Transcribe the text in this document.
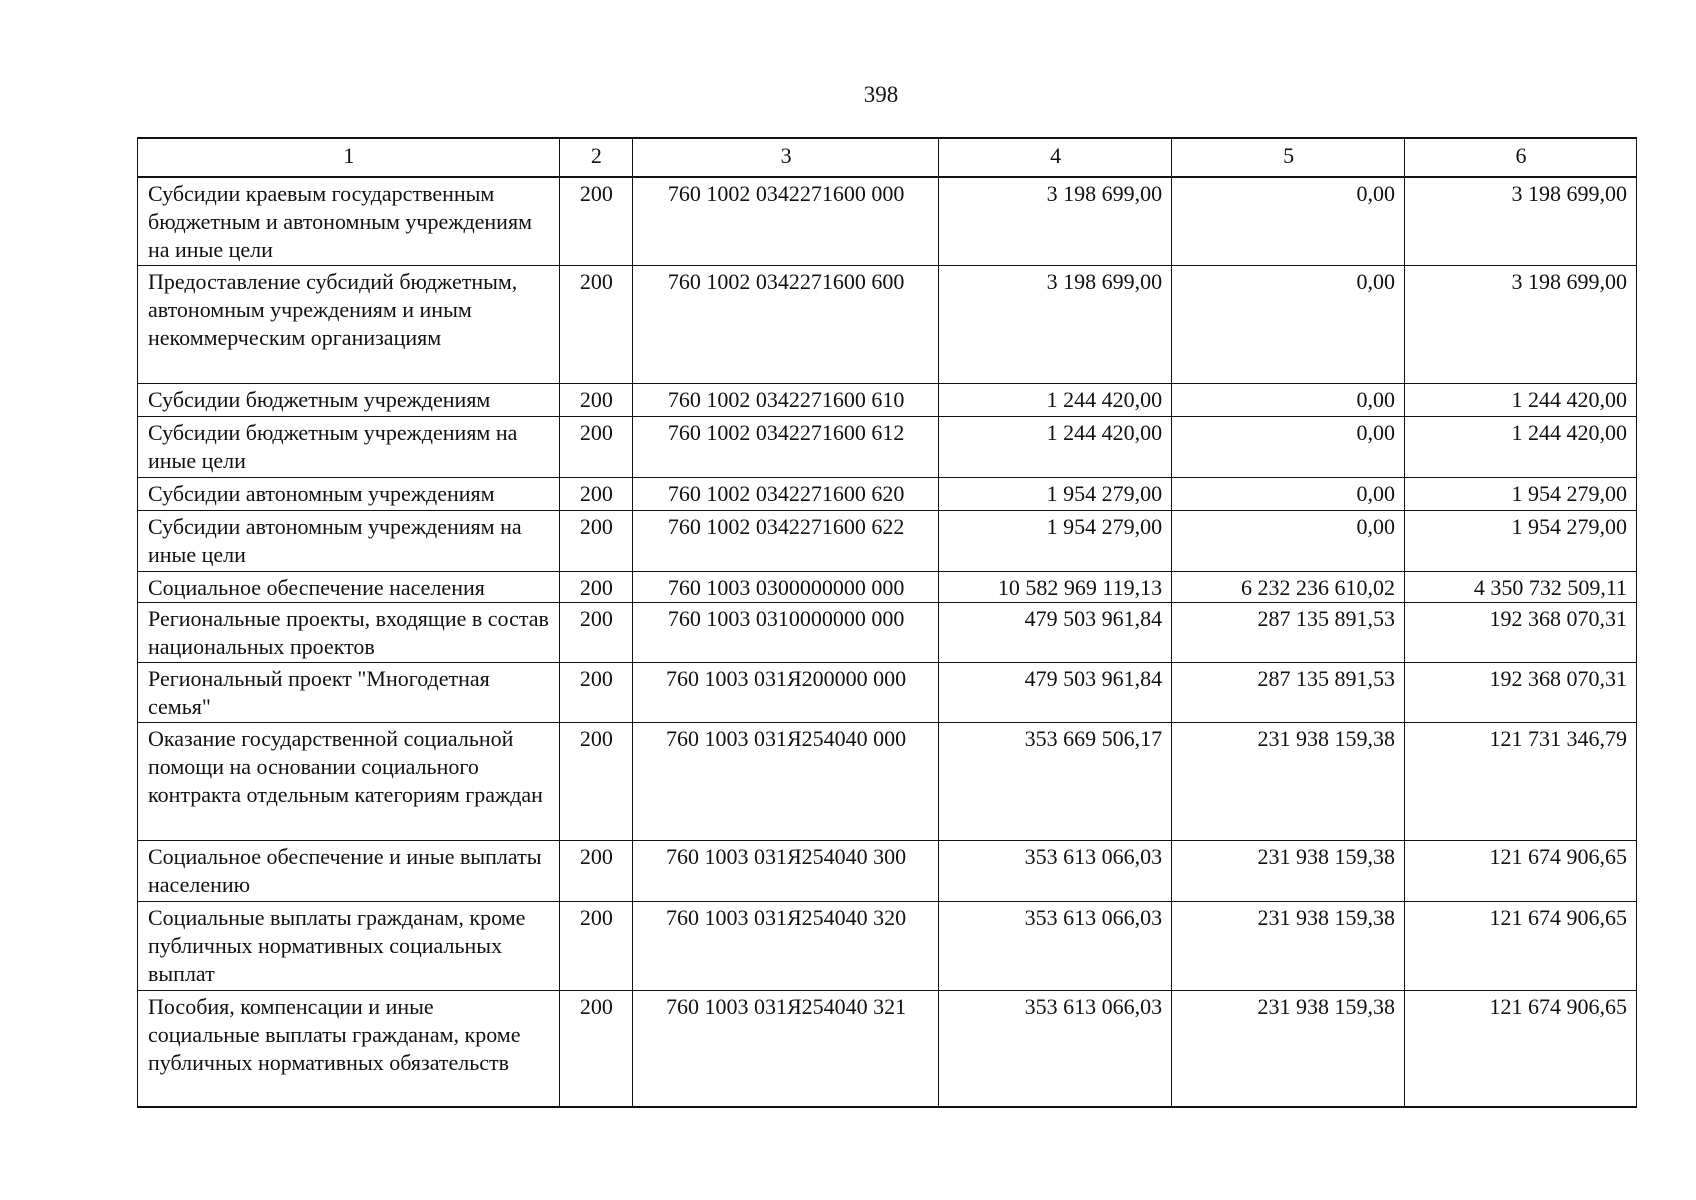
398
1	2	3	4	5	6
Субсидии краевым государственным бюджетным и автономным учреждениям на иные цели	200	760 1002 0342271600 000	3 198 699,00	0,00	3 198 699,00
Предоставление субсидий бюджетным, автономным учреждениям и иным некоммерческим организациям	200	760 1002 0342271600 600	3 198 699,00	0,00	3 198 699,00
Субсидии бюджетным учреждениям	200	760 1002 0342271600 610	1 244 420,00	0,00	1 244 420,00
Субсидии бюджетным учреждениям на иные цели	200	760 1002 0342271600 612	1 244 420,00	0,00	1 244 420,00
Субсидии автономным учреждениям	200	760 1002 0342271600 620	1 954 279,00	0,00	1 954 279,00
Субсидии автономным учреждениям на иные цели	200	760 1002 0342271600 622	1 954 279,00	0,00	1 954 279,00
Социальное обеспечение населения	200	760 1003 0300000000 000	10 582 969 119,13	6 232 236 610,02	4 350 732 509,11
Региональные проекты, входящие в состав национальных проектов	200	760 1003 0310000000 000	479 503 961,84	287 135 891,53	192 368 070,31
Региональный проект "Многодетная семья"	200	760 1003 031Я200000 000	479 503 961,84	287 135 891,53	192 368 070,31
Оказание государственной социальной помощи на основании социального контракта отдельным категориям граждан	200	760 1003 031Я254040 000	353 669 506,17	231 938 159,38	121 731 346,79
Социальное обеспечение и иные выплаты населению	200	760 1003 031Я254040 300	353 613 066,03	231 938 159,38	121 674 906,65
Социальные выплаты гражданам, кроме публичных нормативных социальных выплат	200	760 1003 031Я254040 320	353 613 066,03	231 938 159,38	121 674 906,65
Пособия, компенсации и иные социальные выплаты гражданам, кроме публичных нормативных обязательств	200	760 1003 031Я254040 321	353 613 066,03	231 938 159,38	121 674 906,65
